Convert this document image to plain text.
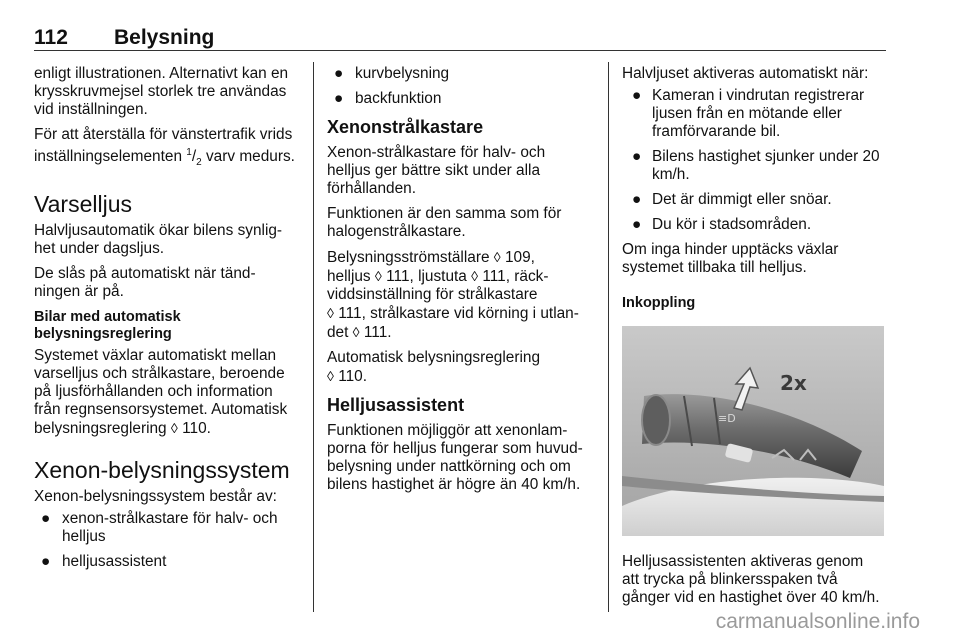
112 Belysning

enligt illustrationen. Alternativt kan en krysskruvmejsel storlek tre användas vid inställningen.

För att återställa för vänstertrafik vrids inställningselementen $^1/_2$ varv medurs.

Varselljus

Halvljusautomatik ökar bilens synlig-het under dagsljus.

De slås på automatiskt när tänd-ningen är på.

Bilar med automatisk belysningsreglering

Systemet växlar automatiskt mellan varselljus och strålkastare, beroende på ljusförhållanden och information från regnsensorsystemet. Automatisk belysningsreglering ◊ 110.

Xenon-belysningssystem

Xenon-belysningssystem består av:

● xenon-strålkastare för halv- och helljus
● helljusassistent
● kurvbelysning
● backfunktion
Xenonstrålkastare

Xenon-strålkastare för halv- och helljus ger bättre sikt under alla förhållanden.

Funktionen är den samma som för halogenstrålkastare.

Belysningsströmställare ◊ 109,
helljus ◊ 111, ljustuta ◊ 111, räck-viddsinställning för strålkastare
◊ 111, strålkastare vid körning i utlan-det ◊ 111.

Automatisk belysningsreglering
◊ 110.

Helljusassistent

Funktionen möjliggör att xenonlam-porna för helljus fungerar som huvud-belysning under nattkörning och om bilens hastighet är högre än 40 km/h.

Halvljuset aktiveras automatiskt när:

● Kameran i vindrutan registrerar ljusen från en mötande eller framförvarande bil.
● Bilens hastighet sjunker under 20 km/h.
● Det är dimmigt eller snöar.
● Du kör i stadsområden.

Om inga hinder upptäcks växlar systemet tillbaka till helljus.

Inkoppling
≡D
2x

Helljusassistenten aktiveras genom att trycka på blinkersspaken två gånger vid en hastighet över 40 km/h.

carmanualsonline.info
